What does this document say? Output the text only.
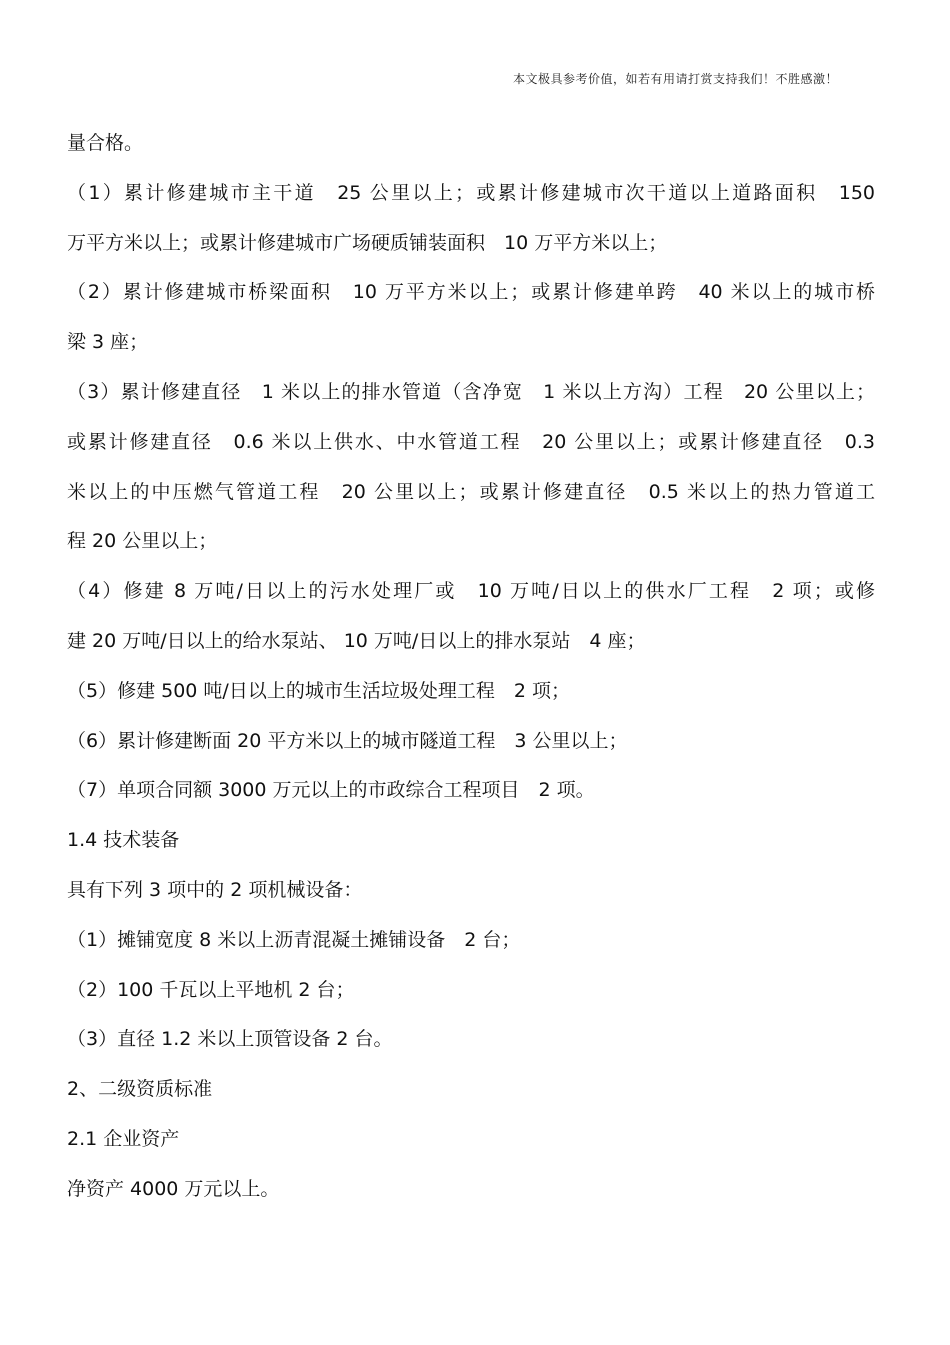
本文极具参考价值，如若有用请打赏支持我们！不胜感激！
量合格。
（1）累计修建城市主干道　25 公里以上；或累计修建城市次干道以上道路面积　150
万平方米以上；或累计修建城市广场硬质铺装面积　10 万平方米以上；
（2）累计修建城市桥梁面积　10 万平方米以上；或累计修建单跨　40 米以上的城市桥
梁 3 座；
（3）累计修建直径　1 米以上的排水管道（含净宽　1 米以上方沟）工程　20 公里以上；
或累计修建直径　0.6 米以上供水、中水管道工程　20 公里以上；或累计修建直径　0.3
米以上的中压燃气管道工程　20 公里以上；或累计修建直径　0.5 米以上的热力管道工
程 20 公里以上；
（4）修建 8 万吨/日以上的污水处理厂或　10 万吨/日以上的供水厂工程　2 项；或修
建 20 万吨/日以上的给水泵站、 10 万吨/日以上的排水泵站　4 座；
（5）修建 500 吨/日以上的城市生活垃圾处理工程　2 项；
（6）累计修建断面 20 平方米以上的城市隧道工程　3 公里以上；
（7）单项合同额 3000 万元以上的市政综合工程项目　2 项。
1.4 技术装备
具有下列 3 项中的 2 项机械设备：
（1）摊铺宽度 8 米以上沥青混凝土摊铺设备　2 台；
（2）100 千瓦以上平地机 2 台；
（3）直径 1.2 米以上顶管设备 2 台。
2、二级资质标准
2.1 企业资产
净资产 4000 万元以上。
